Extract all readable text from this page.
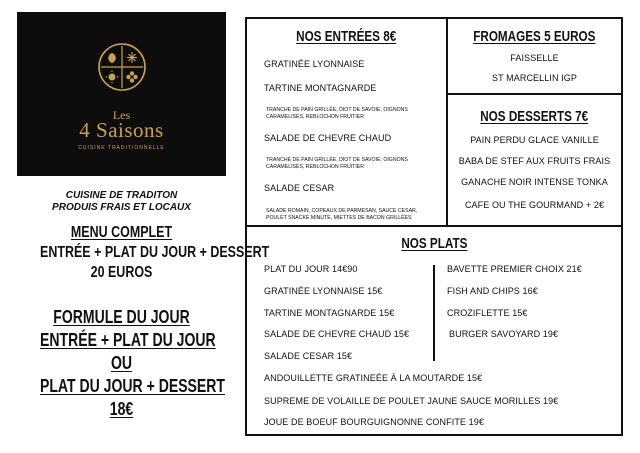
Les
4 Saisons
CUISINE TRADITIONNELLE
CUISINE DE TRADITON
PRODUIS FRAIS ET LOCAUX
MENU COMPLET
ENTRÉE + PLAT DU JOUR + DESSERT
20 EUROS
FORMULE DU JOUR
ENTRÉE + PLAT DU JOUR
OU
PLAT DU JOUR + DESSERT
18€
NOS ENTRÉES 8€
GRATINÉE LYONNAISE
TARTINE MONTAGNARDE
TRANCHE DE PAIN GRILLÉE, DIOT DE SAVOIE, OIGNONS
CARAMELISÉS, REBLOCHON FRUITIER
SALADE DE CHEVRE CHAUD
TRANCHE DE PAIN GRILLÉE, DIOT DE SAVOIE, OIGNONS
CARAMELISÉS, REBLOCHON FRUITIER
SALADE CESAR
SALADE ROMAIN, COPEAUX DE PARMESAN, SAUCE CESAR,
POULET SNACKÉ MINUTE, MIETTES DE BACON GRILLÉES
FROMAGES 5 EUROS
FAISSELLE
ST MARCELLIN IGP
NOS DESSERTS 7€
PAIN PERDU GLACE VANILLE
BABA DE STEF AUX FRUITS FRAIS
GANACHE NOIR INTENSE TONKA
CAFE OU THE GOURMAND + 2€
NOS PLATS
PLAT DU JOUR 14€90
GRATINÉE LYONNAISE 15€
TARTINE MONTAGNARDE 15€
SALADE DE CHEVRE CHAUD 15€
SALADE CESAR 15€
BAVETTE PREMIER CHOIX 21€
FISH AND CHIPS 16€
CROZIFLETTE 15€
BURGER SAVOYARD 19€
ANDOUILLETTE GRATINEÉE À LA MOUTARDE 15€
SUPREME DE VOLAILLE DE POULET JAUNE SAUCE MORILLES 19€
JOUE DE BOEUF BOURGUIGNONNE CONFITE 19€
